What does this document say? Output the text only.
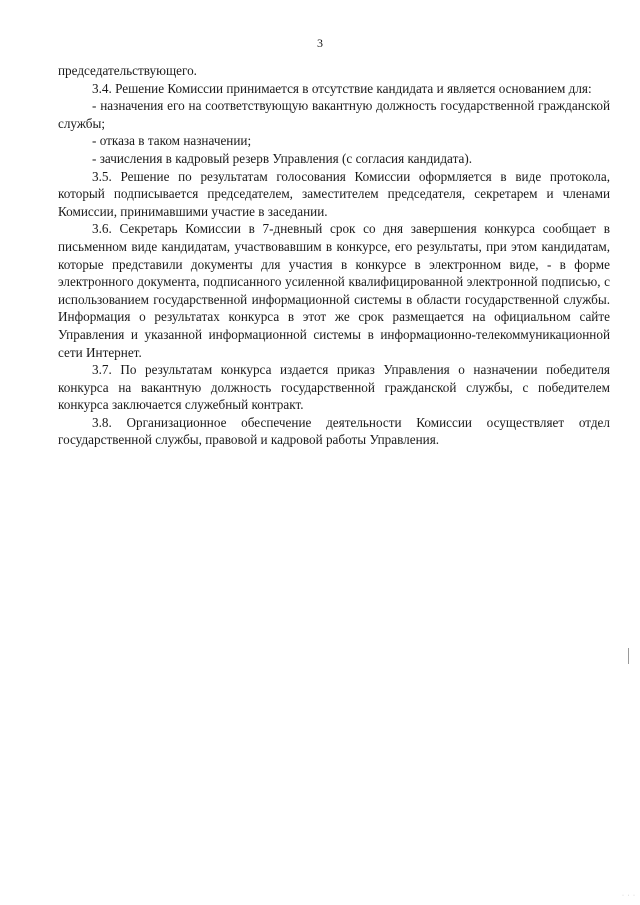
3

председательствующего.

3.4. Решение Комиссии принимается в отсутствие кандидата и является основанием для:

- назначения его на соответствующую вакантную должность государственной гражданской службы;

- отказа в таком назначении;

- зачисления в кадровый резерв Управления (с согласия кандидата).

3.5. Решение по результатам голосования Комиссии оформляется в виде протокола, который подписывается председателем, заместителем председателя, секретарем и членами Комиссии, принимавшими участие в заседании.

3.6. Секретарь Комиссии в 7-дневный срок со дня завершения конкурса сообщает в письменном виде кандидатам, участвовавшим в конкурсе, его результаты, при этом кандидатам, которые представили документы для участия в конкурсе в электронном виде, - в форме электронного документа, подписанного усиленной квалифицированной электронной подписью, с использованием государственной информационной системы в области государственной службы. Информация о результатах конкурса в этот же срок размещается на официальном сайте Управления и указанной информационной системы в информационно-телекоммуникационной сети Интернет.

3.7. По результатам конкурса издается приказ Управления о назначении победителя конкурса на вакантную должность государственной гражданской службы, с победителем конкурса заключается служебный контракт.

3.8. Организационное обеспечение деятельности Комиссии осуществляет отдел государственной службы, правовой и кадровой работы Управления.

· · ·
